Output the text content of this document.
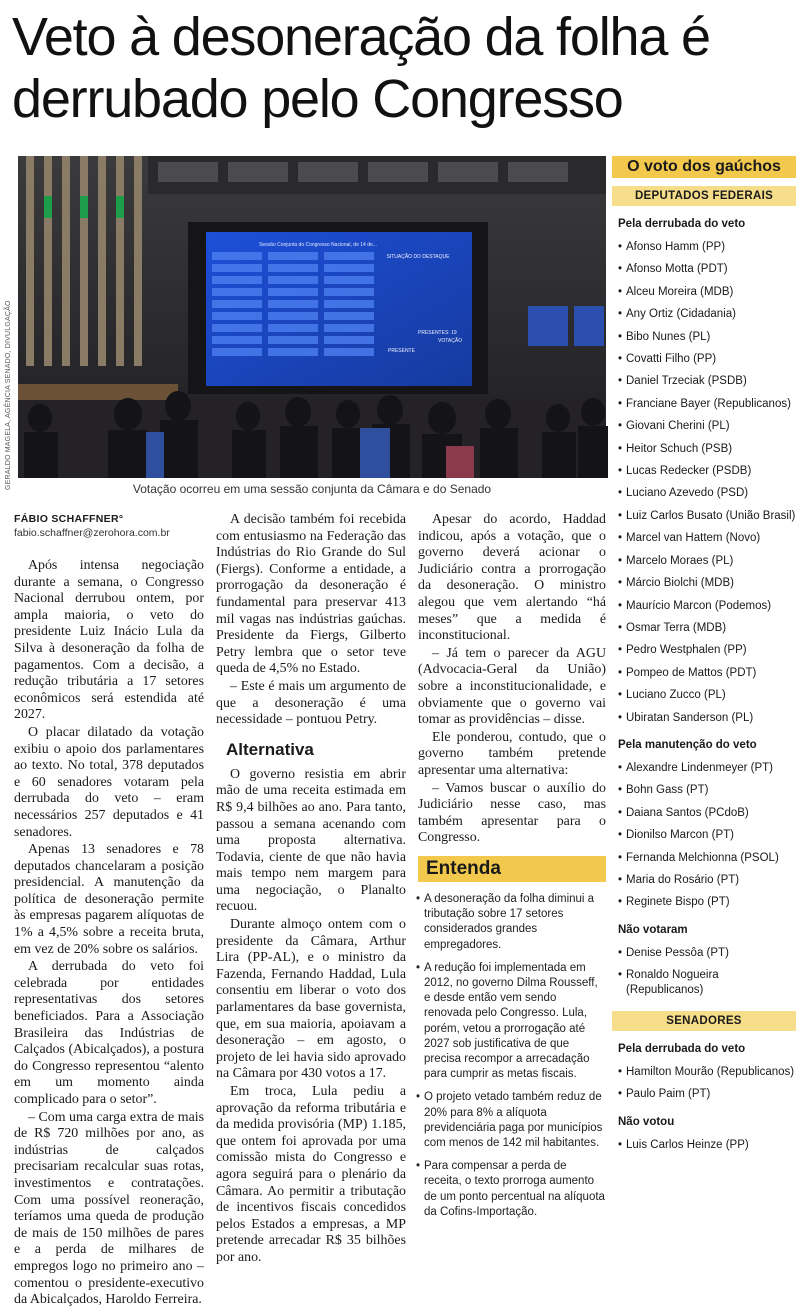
Veto à desoneração da folha é derrubado pelo Congresso
GERALDO MAGELA, AGÊNCIA SENADO, DIVULGAÇÃO
Sessão Conjunta do Congresso Nacional, de 14 de...
SITUAÇÃO DO DESTAQUE
PRESENTE
PRESENTES: 19
VOTAÇÃO
Votação ocorreu em uma sessão conjunta da Câmara e do Senado
FÁBIO SCHAFFNER°
fabio.schaffner@zerohora.com.br

Após intensa negociação durante a semana, o Congresso Nacional derrubou ontem, por ampla maioria, o veto do presidente Luiz Inácio Lula da Silva à desoneração da folha de pagamentos. Com a decisão, a redução tributária a 17 setores econômicos será estendida até 2027.

O placar dilatado da votação exibiu o apoio dos parlamentares ao texto. No total, 378 deputados e 60 senadores votaram pela derrubada do veto – eram necessários 257 deputados e 41 senadores.

Apenas 13 senadores e 78 deputados chancelaram a posição presidencial. A manutenção da política de desoneração permite às empresas pagarem alíquotas de 1% a 4,5% sobre a receita bruta, em vez de 20% sobre os salários.

A derrubada do veto foi celebrada por entidades representativas dos setores beneficiados. Para a Associação Brasileira das Indústrias de Calçados (Abicalçados), a postura do Congresso representou “alento em um momento ainda complicado para o setor”.

– Com uma carga extra de mais de R$ 720 milhões por ano, as indústrias de calçados precisariam recalcular suas rotas, investimentos e contratações. Com uma possível reoneração, teríamos uma queda de produção de mais de 150 milhões de pares e a perda de milhares de empregos logo no primeiro ano – comentou o presidente-executivo da Abicalçados, Haroldo Ferreira.

A decisão também foi recebida com entusiasmo na Federação das Indústrias do Rio Grande do Sul (Fiergs). Conforme a entidade, a prorrogação da desoneração é fundamental para preservar 413 mil vagas nas indústrias gaúchas. Presidente da Fiergs, Gilberto Petry lembra que o setor teve queda de 4,5% no Estado.

– Este é mais um argumento de que a desoneração é uma necessidade – pontuou Petry.

Alternativa

O governo resistia em abrir mão de uma receita estimada em R$ 9,4 bilhões ao ano. Para tanto, passou a semana acenando com uma proposta alternativa. Todavia, ciente de que não havia mais tempo nem margem para uma negociação, o Planalto recuou.

Durante almoço ontem com o presidente da Câmara, Arthur Lira (PP-AL), e o ministro da Fazenda, Fernando Haddad, Lula consentiu em liberar o voto dos parlamentares da base governista, que, em sua maioria, apoiavam a desoneração – em agosto, o projeto de lei havia sido aprovado na Câmara por 430 votos a 17.

Em troca, Lula pediu a aprovação da reforma tributária e da medida provisória (MP) 1.185, que ontem foi aprovada por uma comissão mista do Congresso e agora seguirá para o plenário da Câmara. Ao permitir a tributação de incentivos fiscais concedidos pelos Estados a empresas, a MP pretende arrecadar R$ 35 bilhões por ano.

Apesar do acordo, Haddad indicou, após a votação, que o governo deverá acionar o Judiciário contra a prorrogação da desoneração. O ministro alegou que vem alertando “há meses” que a medida é inconstitucional.

– Já tem o parecer da AGU (Advocacia-Geral da União) sobre a inconstitucionalidade, e obviamente que o governo vai tomar as providências – disse.

Ele ponderou, contudo, que o governo também pretende apresentar uma alternativa:

– Vamos buscar o auxílio do Judiciário nesse caso, mas também apresentar para o Congresso.

Entenda
• A desoneração da folha diminui a tributação sobre 17 setores considerados grandes empregadores.
• A redução foi implementada em 2012, no governo Dilma Rousseff, e desde então vem sendo renovada pelo Congresso. Lula, porém, vetou a prorrogação até 2027 sob justificativa de que precisa recompor a arrecadação para cumprir as metas fiscais.
• O projeto vetado também reduz de 20% para 8% a alíquota previdenciária paga por municípios com menos de 142 mil habitantes.
• Para compensar a perda de receita, o texto prorroga aumento de um ponto percentual na alíquota da Cofins-Importação.
O voto dos gaúchos
DEPUTADOS FEDERAIS
Pela derrubada do veto
• Afonso Hamm (PP)
• Afonso Motta (PDT)
• Alceu Moreira (MDB)
• Any Ortiz (Cidadania)
• Bibo Nunes (PL)
• Covatti Filho (PP)
• Daniel Trzeciak (PSDB)
• Franciane Bayer (Republicanos)
• Giovani Cherini (PL)
• Heitor Schuch (PSB)
• Lucas Redecker (PSDB)
• Luciano Azevedo (PSD)
• Luiz Carlos Busato (União Brasil)
• Marcel van Hattem (Novo)
• Marcelo Moraes (PL)
• Márcio Biolchi (MDB)
• Maurício Marcon (Podemos)
• Osmar Terra (MDB)
• Pedro Westphalen (PP)
• Pompeo de Mattos (PDT)
• Luciano Zucco (PL)
• Ubiratan Sanderson (PL)
Pela manutenção do veto
• Alexandre Lindenmeyer (PT)
• Bohn Gass (PT)
• Daiana Santos (PCdoB)
• Dionilso Marcon (PT)
• Fernanda Melchionna (PSOL)
• Maria do Rosário (PT)
• Reginete Bispo (PT)
Não votaram
• Denise Pessôa (PT)
• Ronaldo Nogueira (Republicanos)
SENADORES
Pela derrubada do veto
• Hamilton Mourão (Republicanos)
• Paulo Paim (PT)
Não votou
• Luis Carlos Heinze (PP)
